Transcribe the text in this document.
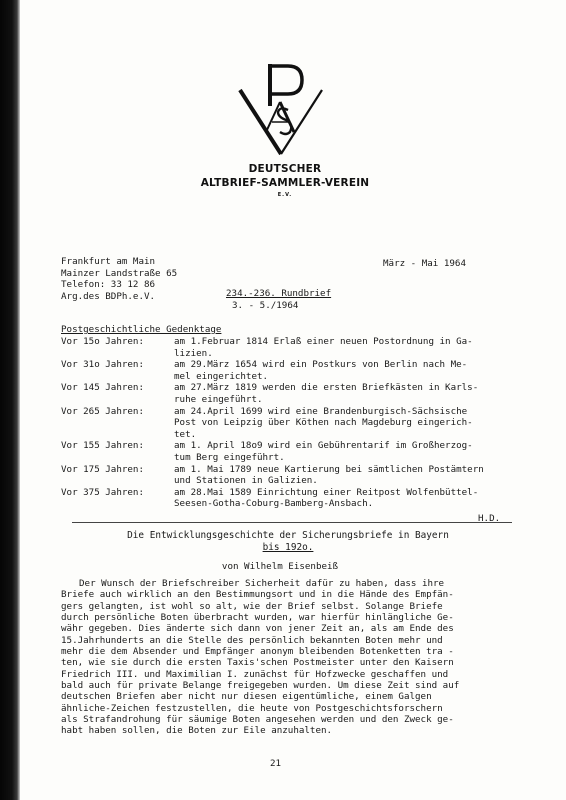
DEUTSCHER
ALTBRIEF-SAMMLER-VEREIN
E.V.
Frankfurt am Main
Mainzer Landstraße 65
Telefon: 33 12 86
Arg.des BDPh.e.V.
März - Mai 1964
234.-236. Rundbrief
3. - 5./1964
Postgeschichtliche Gedenktage
Vor 15o Jahren:	am 1.Februar 1814 Erlaß einer neuen Postordnung in Ga-
lizien.
Vor 31o Jahren:	am 29.März 1654 wird ein Postkurs von Berlin nach Me-
mel eingerichtet.
Vor 145 Jahren:	am 27.März 1819 werden die ersten Briefkästen in Karls-
ruhe eingeführt.
Vor 265 Jahren:	am 24.April 1699 wird eine Brandenburgisch-Sächsische
Post von Leipzig über Köthen nach Magdeburg eingerich-
tet.
Vor 155 Jahren:	am 1. April 18o9 wird ein Gebührentarif im Großherzog-
tum Berg eingeführt.
Vor 175 Jahren:	am 1. Mai 1789 neue Kartierung bei sämtlichen Postämtern
und Stationen in Galizien.
Vor 375 Jahren:	am 28.Mai 1589 Einrichtung einer Reitpost Wolfenbüttel-
Seesen-Gotha-Coburg-Bamberg-Ansbach.
H.D.
Die Entwicklungsgeschichte der Sicherungsbriefe in Bayern
bis 192o.
von Wilhelm Eisenbeiß
Der Wunsch der Briefschreiber Sicherheit dafür zu haben, dass ihre
Briefe auch wirklich an den Bestimmungsort und in die Hände des Empfän-
gers gelangten, ist wohl so alt, wie der Brief selbst. Solange Briefe
durch persönliche Boten überbracht wurden, war hierfür hinlängliche Ge-
währ gegeben. Dies änderte sich dann von jener Zeit an, als am Ende des
15.Jahrhunderts an die Stelle des persönlich bekannten Boten mehr und
mehr die dem Absender und Empfänger anonym bleibenden Botenketten tra -
ten, wie sie durch die ersten Taxis'schen Postmeister unter den Kaisern
Friedrich III. und Maximilian I. zunächst für Hofzwecke geschaffen und
bald auch für private Belange freigegeben wurden. Um diese Zeit sind auf
deutschen Briefen aber nicht nur diesen eigentümliche, einem Galgen
ähnliche-Zeichen festzustellen, die heute von Postgeschichtsforschern
als Strafandrohung für säumige Boten angesehen werden und den Zweck ge-
habt haben sollen, die Boten zur Eile anzuhalten.
21
